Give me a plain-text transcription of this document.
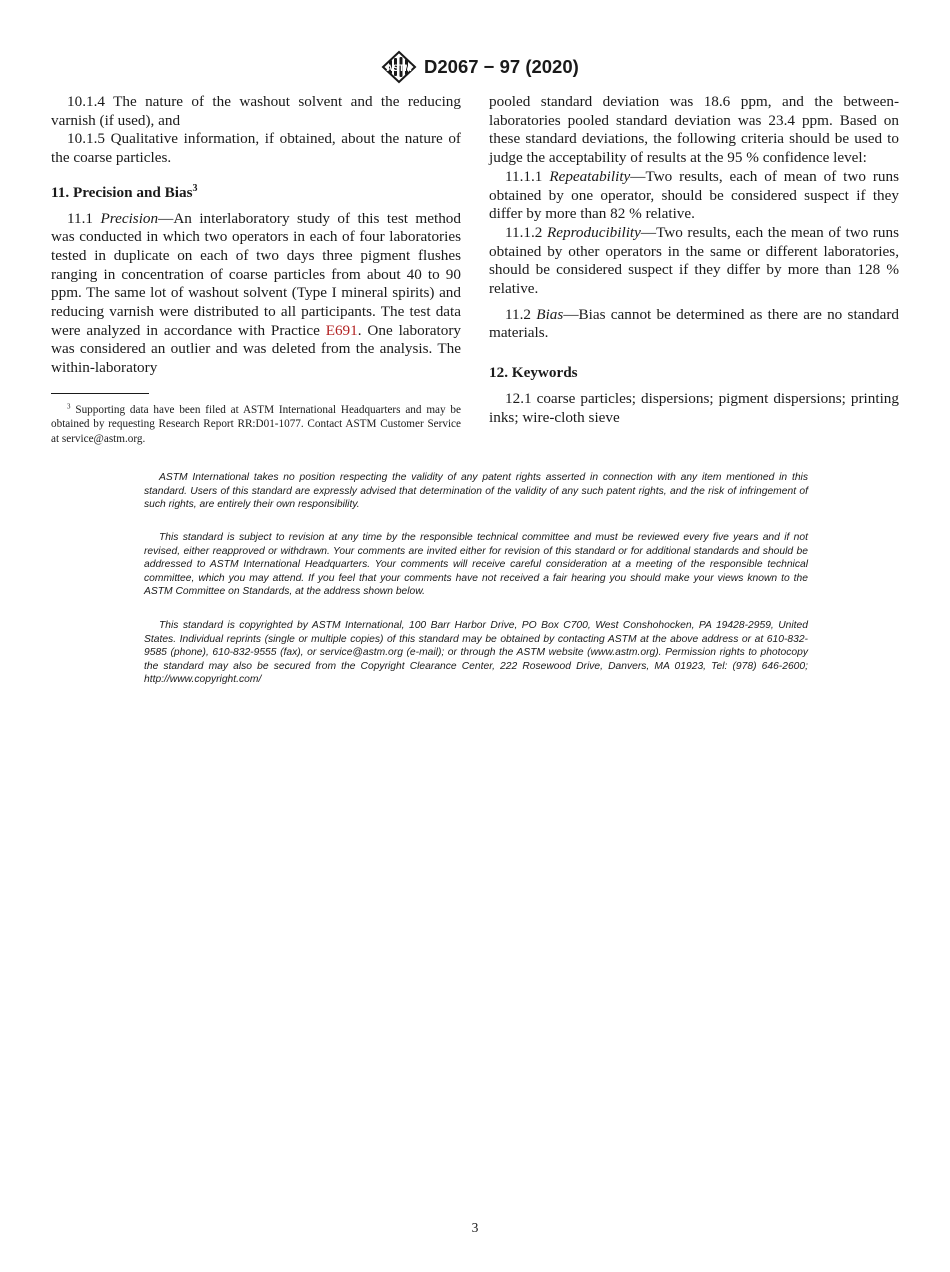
ASTM D2067 − 97 (2020)

10.1.4 The nature of the washout solvent and the reducing varnish (if used), and

10.1.5 Qualitative information, if obtained, about the nature of the coarse particles.

11. Precision and Bias$^3$

11.1 Precision—An interlaboratory study of this test method was conducted in which two operators in each of four laboratories tested in duplicate on each of two days three pigment flushes ranging in concentration of coarse particles from about 40 to 90 ppm. The same lot of washout solvent (Type I mineral spirits) and reducing varnish were distributed to all participants. The test data were analyzed in accordance with Practice E691. One laboratory was considered an outlier and was deleted from the analysis. The within-laboratory

$^3$ Supporting data have been filed at ASTM International Headquarters and may be obtained by requesting Research Report RR:D01-1077. Contact ASTM Customer Service at service@astm.org.

pooled standard deviation was 18.6 ppm, and the between-laboratories pooled standard deviation was 23.4 ppm. Based on these standard deviations, the following criteria should be used to judge the acceptability of results at the 95 % confidence level:

11.1.1 Repeatability—Two results, each of mean of two runs obtained by one operator, should be considered suspect if they differ by more than 82 % relative.

11.1.2 Reproducibility—Two results, each the mean of two runs obtained by other operators in the same or different laboratories, should be considered suspect if they differ by more than 128 % relative.

11.2 Bias—Bias cannot be determined as there are no standard materials.

12. Keywords

12.1 coarse particles; dispersions; pigment dispersions; printing inks; wire-cloth sieve

ASTM International takes no position respecting the validity of any patent rights asserted in connection with any item mentioned in this standard. Users of this standard are expressly advised that determination of the validity of any such patent rights, and the risk of infringement of such rights, are entirely their own responsibility.
This standard is subject to revision at any time by the responsible technical committee and must be reviewed every five years and if not revised, either reapproved or withdrawn. Your comments are invited either for revision of this standard or for additional standards and should be addressed to ASTM International Headquarters. Your comments will receive careful consideration at a meeting of the responsible technical committee, which you may attend. If you feel that your comments have not received a fair hearing you should make your views known to the ASTM Committee on Standards, at the address shown below.
This standard is copyrighted by ASTM International, 100 Barr Harbor Drive, PO Box C700, West Conshohocken, PA 19428-2959, United States. Individual reprints (single or multiple copies) of this standard may be obtained by contacting ASTM at the above address or at 610-832-9585 (phone), 610-832-9555 (fax), or service@astm.org (e-mail); or through the ASTM website (www.astm.org). Permission rights to photocopy the standard may also be secured from the Copyright Clearance Center, 222 Rosewood Drive, Danvers, MA 01923, Tel: (978) 646-2600; http://www.copyright.com/
3
